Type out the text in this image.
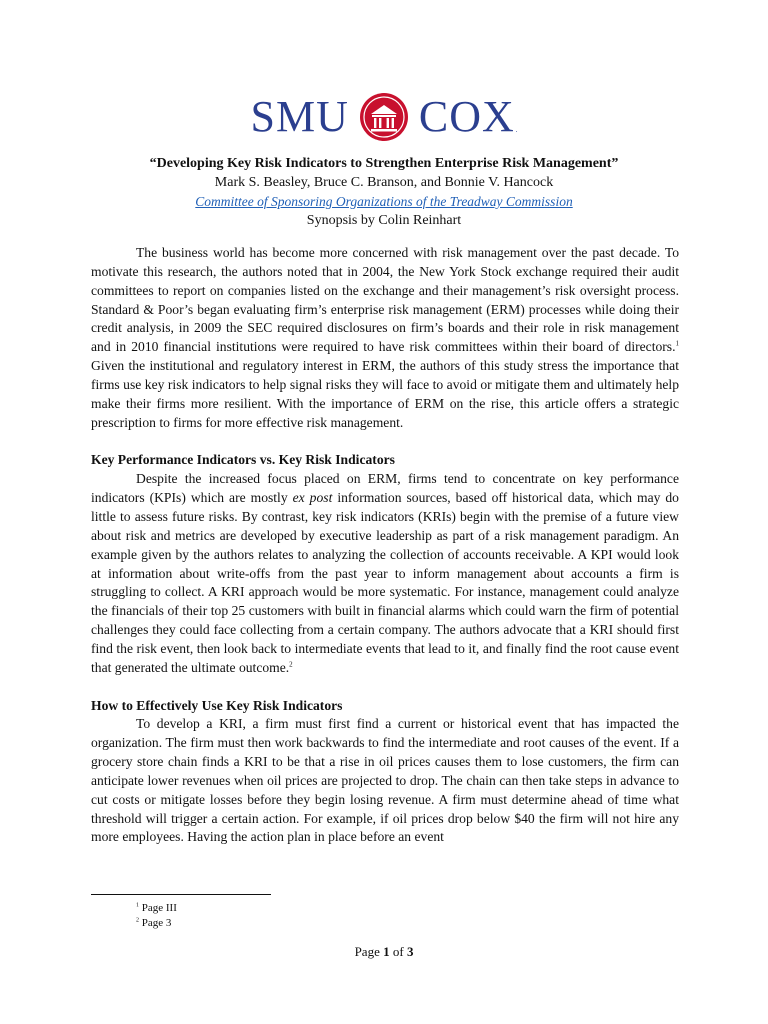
SMU COX .
“Developing Key Risk Indicators to Strengthen Enterprise Risk Management”
Mark S. Beasley, Bruce C. Branson, and Bonnie V. Hancock
Committee of Sponsoring Organizations of the Treadway Commission
Synopsis by Colin Reinhart

The business world has become more concerned with risk management over the past decade. To motivate this research, the authors noted that in 2004, the New York Stock exchange required their audit committees to report on companies listed on the exchange and their management’s risk oversight process. Standard & Poor’s began evaluating firm’s enterprise risk management (ERM) processes while doing their credit analysis, in 2009 the SEC required disclosures on firm’s boards and their role in risk management and in 2010 financial institutions were required to have risk committees within their board of directors.$^1$ Given the institutional and regulatory interest in ERM, the authors of this study stress the importance that firms use key risk indicators to help signal risks they will face to avoid or mitigate them and ultimately help make their firms more resilient. With the importance of ERM on the rise, this article offers a strategic prescription to firms for more effective risk management.

Key Performance Indicators vs. Key Risk Indicators

Despite the increased focus placed on ERM, firms tend to concentrate on key performance indicators (KPIs) which are mostly ex post information sources, based off historical data, which may do little to assess future risks. By contrast, key risk indicators (KRIs) begin with the premise of a future view about risk and metrics are developed by executive leadership as part of a risk management paradigm. An example given by the authors relates to analyzing the collection of accounts receivable. A KPI would look at information about write-offs from the past year to inform management about accounts a firm is struggling to collect. A KRI approach would be more systematic. For instance, management could analyze the financials of their top 25 customers with built in financial alarms which could warn the firm of potential challenges they could face collecting from a certain company. The authors advocate that a KRI should first find the risk event, then look back to intermediate events that lead to it, and finally find the root cause event that generated the ultimate outcome.$^2$

How to Effectively Use Key Risk Indicators

To develop a KRI, a firm must first find a current or historical event that has impacted the organization. The firm must then work backwards to find the intermediate and root causes of the event. If a grocery store chain finds a KRI to be that a rise in oil prices causes them to lose customers, the firm can anticipate lower revenues when oil prices are projected to drop. The chain can then take steps in advance to cut costs or mitigate losses before they begin losing revenue. A firm must determine ahead of time what threshold will trigger a certain action. For example, if oil prices drop below $40 the firm will not hire any more employees. Having the action plan in place before an event

$^1$ Page III
$^2$ Page 3
Page 1 of 3
